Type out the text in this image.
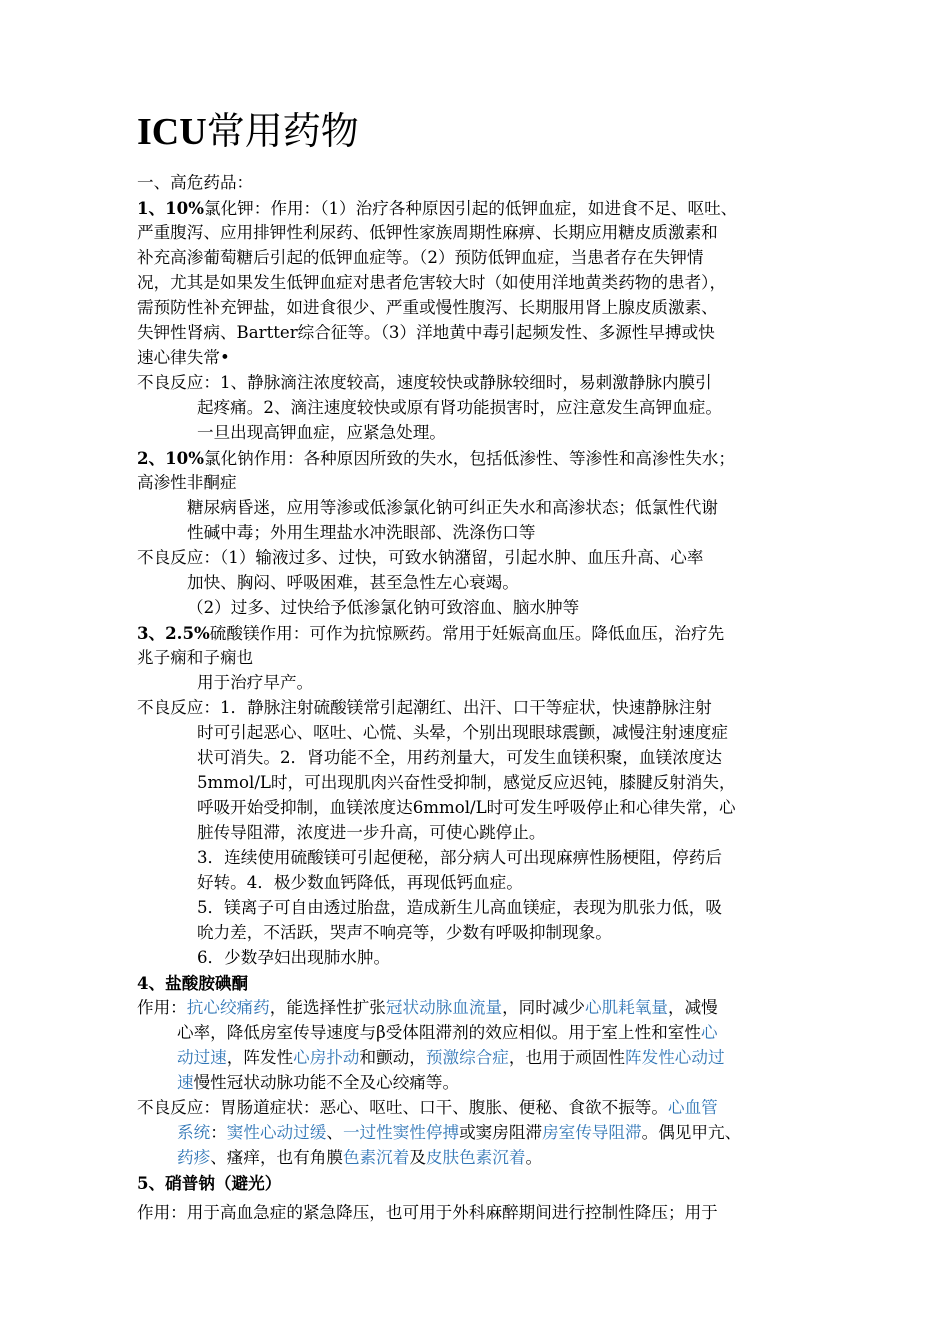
ICU常用药物
一、高危药品：
1、10%氯化钾：作用：（1）治疗各种原因引起的低钾血症，如进食不足、呕吐、
严重腹泻、应用排钾性利尿药、低钾性家族周期性麻痹、长期应用糖皮质激素和
补充高渗葡萄糖后引起的低钾血症等。（2）预防低钾血症，当患者存在失钾情
况，尤其是如果发生低钾血症对患者危害较大时（如使用洋地黄类药物的患者），
需预防性补充钾盐，如进食很少、严重或慢性腹泻、长期服用肾上腺皮质激素、
失钾性肾病、Bartter综合征等。（3）洋地黄中毒引起频发性、多源性早搏或快
速心律失常•
不良反应：1、静脉滴注浓度较高，速度较快或静脉较细时，易刺激静脉内膜引
起疼痛。2、滴注速度较快或原有肾功能损害时，应注意发生高钾血症。
一旦出现高钾血症，应紧急处理。
2、10%氯化钠作用：各种原因所致的失水，包括低渗性、等渗性和高渗性失水；
高渗性非酮症
糖尿病昏迷，应用等渗或低渗氯化钠可纠正失水和高渗状态；低氯性代谢
性碱中毒；外用生理盐水冲洗眼部、洗涤伤口等
不良反应：（1）输液过多、过快，可致水钠潴留，引起水肿、血压升高、心率
加快、胸闷、呼吸困难，甚至急性左心衰竭。
（2）过多、过快给予低渗氯化钠可致溶血、脑水肿等
3、2.5%硫酸镁作用：可作为抗惊厥药。常用于妊娠高血压。降低血压，治疗先
兆子痫和子痫也
用于治疗早产。
不良反应：1．静脉注射硫酸镁常引起潮红、出汗、口干等症状，快速静脉注射
时可引起恶心、呕吐、心慌、头晕，个别出现眼球震颤，减慢注射速度症
状可消失。2．肾功能不全，用药剂量大，可发生血镁积聚，血镁浓度达
5mmol/L时，可出现肌肉兴奋性受抑制，感觉反应迟钝，膝腱反射消失，
呼吸开始受抑制，血镁浓度达6mmol/L时可发生呼吸停止和心律失常，心
脏传导阻滞，浓度进一步升高，可使心跳停止。
3．连续使用硫酸镁可引起便秘，部分病人可出现麻痹性肠梗阻，停药后
好转。4．极少数血钙降低，再现低钙血症。
5．镁离子可自由透过胎盘，造成新生儿高血镁症，表现为肌张力低，吸
吮力差，不活跃，哭声不响亮等，少数有呼吸抑制现象。
6．少数孕妇出现肺水肿。
4、盐酸胺碘酮
作用：抗心绞痛药，能选择性扩张冠状动脉血流量，同时减少心肌耗氧量，减慢
心率，降低房室传导速度与β受体阻滞剂的效应相似。用于室上性和室性心
动过速，阵发性心房扑动和颤动，预激综合症，也用于顽固性阵发性心动过
速慢性冠状动脉功能不全及心绞痛等。
不良反应：胃肠道症状：恶心、呕吐、口干、腹胀、便秘、食欲不振等。心血管
系统：窦性心动过缓、一过性窦性停搏或窦房阻滞房室传导阻滞。偶见甲亢、
药疹、瘙痒，也有角膜色素沉着及皮肤色素沉着。
5、硝普钠（避光）
作用：用于高血急症的紧急降压，也可用于外科麻醉期间进行控制性降压；用于
